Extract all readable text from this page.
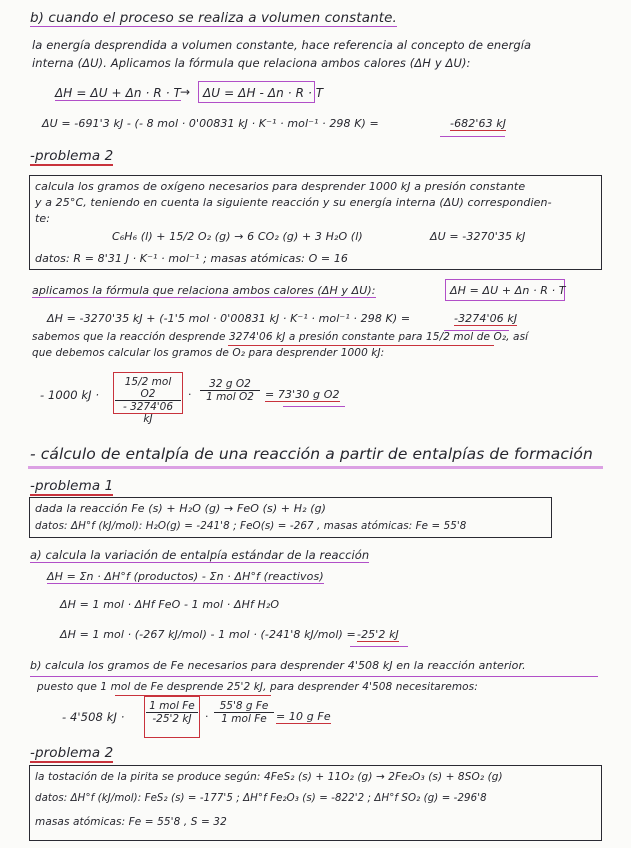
b) cuando el proceso se realiza a volumen constante.
la energía desprendida a volumen constante, hace referencia al concepto de energía
interna (ΔU). Aplicamos la fórmula que relaciona ambos calores (ΔH y ΔU):
ΔH = ΔU + Δn · R · T → ΔU = ΔH - Δn · R · T
ΔU = -691'3 kJ - (- 8 mol · 0'00831 kJ · K⁻¹ · mol⁻¹ · 298 K) =	-682'63 kJ
-problema 2
calcula los gramos de oxígeno necesarios para desprender 1000 kJ a presión constante
y a 25°C, teniendo en cuenta la siguiente reacción y su energía interna (ΔU) correspondien-
te:
C₆H₆ (l) + 15/2 O₂ (g) → 6 CO₂ (g) + 3 H₂O (l)	ΔU = -3270'35 kJ
datos: R = 8'31 J · K⁻¹ · mol⁻¹ ; masas atómicas: O = 16
aplicamos la fórmula que relaciona ambos calores (ΔH y ΔU):	ΔH = ΔU + Δn · R · T
ΔH = -3270'35 kJ + (-1'5 mol · 0'00831 kJ · K⁻¹ · mol⁻¹ · 298 K) =	-3274'06 kJ
sabemos que la reacción desprende 3274'06 kJ a presión constante para 15/2 mol de O₂, así
que debemos calcular los gramos de O₂ para desprender 1000 kJ:
- 1000 kJ ·
15/2 mol O2
- 3274'06 kJ
·
32 g O2
1 mol O2	= 73'30 g O2
- cálculo de entalpía de una reacción a partir de entalpías de formación
-problema 1
dada la reacción Fe (s) + H₂O (g) → FeO (s) + H₂ (g)
datos: ΔH°f (kJ/mol): H₂O(g) = -241'8 ; FeO(s) = -267 , masas atómicas: Fe = 55'8
a) calcula la variación de entalpía estándar de la reacción
ΔH = Σn · ΔH°f (productos) - Σn · ΔH°f (reactivos)
ΔH = 1 mol · ΔHf FeO - 1 mol · ΔHf H₂O
ΔH = 1 mol · (-267 kJ/mol) - 1 mol · (-241'8 kJ/mol) = -25'2 kJ
b) calcula los gramos de Fe necesarios para desprender 4'508 kJ en la reacción anterior.
puesto que 1 mol de Fe desprende 25'2 kJ, para desprender 4'508 necesitaremos:
- 4'508 kJ ·
1 mol Fe
-25'2 kJ	·
55'8 g Fe
1 mol Fe = 10 g Fe
-problema 2
la tostación de la pirita se produce según: 4FeS₂ (s) + 11O₂ (g) → 2Fe₂O₃ (s) + 8SO₂ (g)
datos: ΔH°f (kJ/mol): FeS₂ (s) = -177'5 ; ΔH°f Fe₂O₃ (s) = -822'2 ; ΔH°f SO₂ (g) = -296'8
masas atómicas: Fe = 55'8 , S = 32
